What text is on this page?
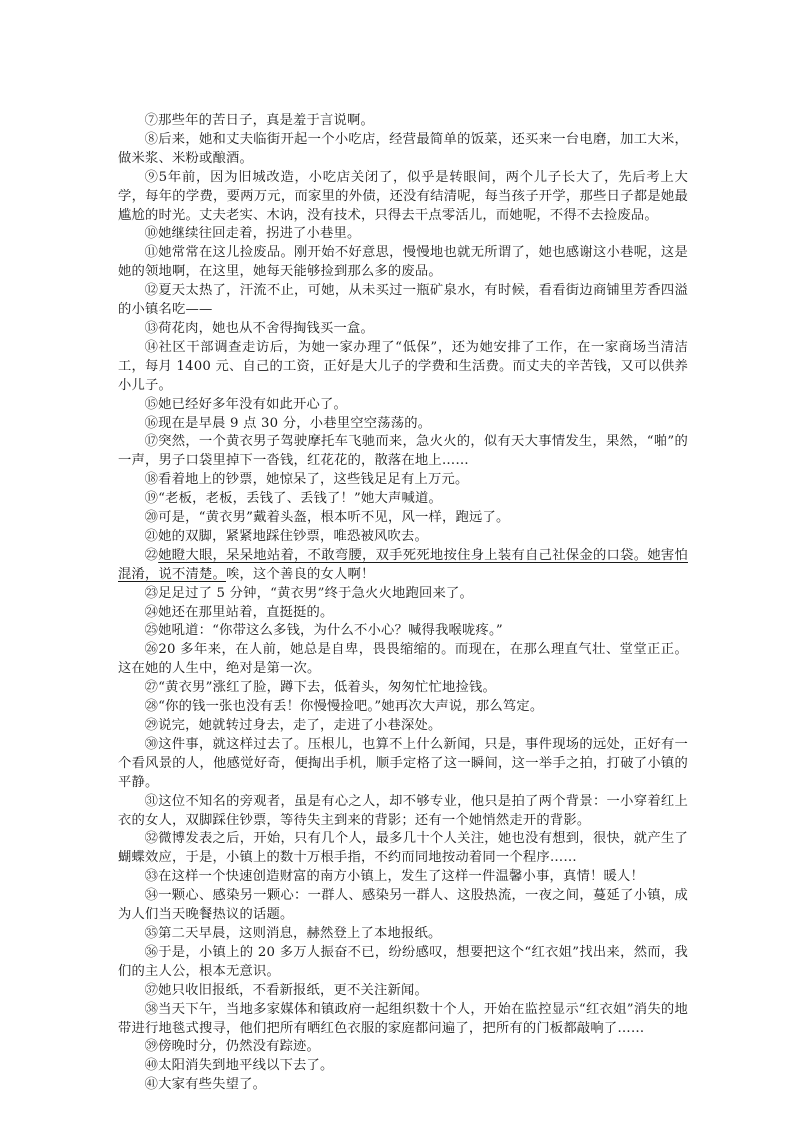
⑦那些年的苦日子，真是羞于言说啊。

⑧后来，她和丈夫临街开起一个小吃店，经营最简单的饭菜，还买来一台电磨，加工大米，做米浆、米粉或酿酒。

⑨5年前，因为旧城改造，小吃店关闭了，似乎是转眼间，两个儿子长大了，先后考上大学，每年的学费，要两万元，而家里的外债，还没有结清呢，每当孩子开学，那些日子都是她最尴尬的时光。丈夫老实、木讷，没有技术，只得去干点零活儿，而她呢，不得不去捡废品。

⑩她继续往回走着，拐进了小巷里。

⑪她常常在这儿捡废品。刚开始不好意思，慢慢地也就无所谓了，她也感谢这小巷呢，这是她的领地啊，在这里，她每天能够捡到那么多的废品。

⑫夏天太热了，汗流不止，可她，从未买过一瓶矿泉水，有时候，看看街边商铺里芳香四溢的小镇名吃——

⑬荷花肉，她也从不舍得掏钱买一盒。

⑭社区干部调查走访后，为她一家办理了“低保”，还为她安排了工作，在一家商场当清洁工，每月 1400 元、自己的工资，正好是大儿子的学费和生活费。而丈夫的辛苦钱，又可以供养小儿子。

⑮她已经好多年没有如此开心了。

⑯现在是早晨 9 点 30 分，小巷里空空荡荡的。

⑰突然，一个黄衣男子驾驶摩托车飞驰而来，急火火的，似有天大事情发生，果然，“啪”的一声，男子口袋里掉下一沓钱，红花花的，散落在地上……

⑱看着地上的钞票，她惊呆了，这些钱足足有上万元。

⑲“老板，老板，丢钱了、丢钱了！”她大声喊道。

⑳可是，“黄衣男”戴着头盔，根本听不见，风一样，跑远了。

㉑她的双脚，紧紧地踩住钞票，唯恐被风吹去。

㉒她瞪大眼，呆呆地站着，不敢弯腰，双手死死地按住身上装有自己社保金的口袋。她害怕混淆，说不清楚。唉，这个善良的女人啊！

㉓足足过了 5 分钟，“黄衣男”终于急火火地跑回来了。

㉔她还在那里站着，直挺挺的。

㉕她吼道：“你带这么多钱，为什么不小心？喊得我喉咙疼。”

㉖20 多年来，在人前，她总是自卑，畏畏缩缩的。而现在，在那么理直气壮、堂堂正正。这在她的人生中，绝对是第一次。

㉗“黄衣男”涨红了脸，蹲下去，低着头，匆匆忙忙地捡钱。

㉘“你的钱一张也没有丢！你慢慢捡吧。”她再次大声说，那么笃定。

㉙说完，她就转过身去，走了，走进了小巷深处。

㉚这件事，就这样过去了。压根儿，也算不上什么新闻，只是，事件现场的远处，正好有一个看风景的人，他感觉好奇，便掏出手机，顺手定格了这一瞬间，这一举手之拍，打破了小镇的平静。

㉛这位不知名的旁观者，虽是有心之人，却不够专业，他只是拍了两个背景：一小穿着红上衣的女人，双脚踩住钞票，等待失主到来的背影；还有一个她悄然走开的背影。

㉜微博发表之后，开始，只有几个人，最多几十个人关注，她也没有想到，很快，就产生了蝴蝶效应，于是，小镇上的数十万根手指，不约而同地按动着同一个程序……

㉝在这样一个快速创造财富的南方小镇上，发生了这样一件温馨小事，真情！暖人！

㉞一颗心、感染另一颗心：一群人、感染另一群人、这股热流，一夜之间，蔓延了小镇，成为人们当天晚餐热议的话题。

㉟第二天早晨，这则消息，赫然登上了本地报纸。

㊱于是，小镇上的 20 多万人振奋不已，纷纷感叹，想要把这个“红衣姐”找出来，然而，我们的主人公，根本无意识。

㊲她只收旧报纸，不看新报纸，更不关注新闻。

㊳当天下午，当地多家媒体和镇政府一起组织数十个人，开始在监控显示“红衣姐”消失的地带进行地毯式搜寻，他们把所有晒红色衣服的家庭都问遍了，把所有的门板都敲响了……

㊴傍晚时分，仍然没有踪迹。

㊵太阳消失到地平线以下去了。

㊶大家有些失望了。
